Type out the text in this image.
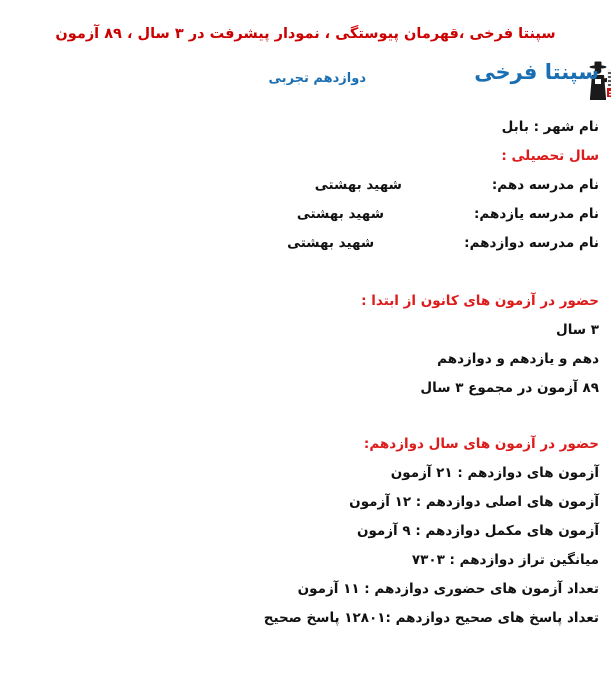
سپنتا فرخی ،قهرمان پیوستگی ، نمودار پیشرفت در ۳ سال ، ۸۹ آزمون
سپنتا فرخی
دوازدهم تجربی
نام شهر : بابل
سال تحصیلی :
نام مدرسه دهم:
شهید بهشتی
نام مدرسه یازدهم:
شهید بهشتی
نام مدرسه دوازدهم:
شهید بهشتی
حضور در آزمون های کانون از ابتدا :
۳ سال
دهم و یازدهم و دوازدهم
۸۹ آزمون در مجموع ۳ سال
حضور در آزمون های سال دوازدهم:
آزمون های دوازدهم : ۲۱ آزمون
آزمون های اصلی دوازدهم : ۱۲ آزمون
آزمون های مکمل دوازدهم : ۹ آزمون
میانگین تراز دوازدهم : ۷۳۰۳
تعداد آزمون های حضوری دوازدهم : ۱۱ آزمون
تعداد پاسخ های صحیح دوازدهم :۱۲۸۰۱ پاسخ صحیح
